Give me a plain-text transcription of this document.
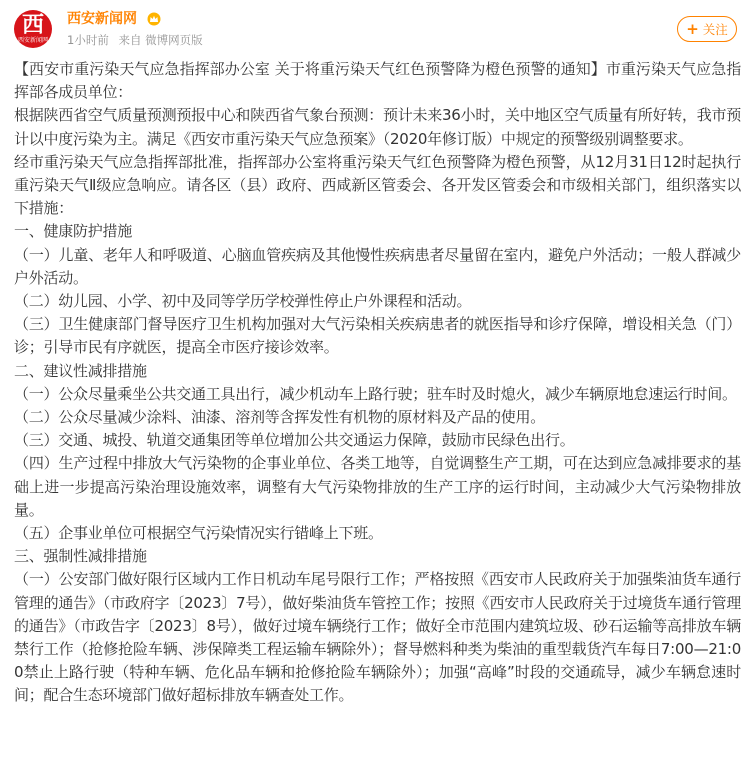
西
西安新闻网
西安新闻网
1小时前 来自 微博网页版
+ 关注

【西安市重污染天气应急指挥部办公室 关于将重污染天气红色预警降为橙色预警的通知】市重污染天气应急指挥部各成员单位：

根据陕西省空气质量预测预报中心和陕西省气象台预测：预计未来36小时，关中地区空气质量有所好转，我市预计以中度污染为主。满足《西安市重污染天气应急预案》（2020年修订版）中规定的预警级别调整要求。

经市重污染天气应急指挥部批准，指挥部办公室将重污染天气红色预警降为橙色预警，从12月31日12时起执行重污染天气Ⅱ级应急响应。请各区（县）政府、西咸新区管委会、各开发区管委会和市级相关部门，组织落实以下措施：

一、健康防护措施

（一）儿童、老年人和呼吸道、心脑血管疾病及其他慢性疾病患者尽量留在室内，避免户外活动；一般人群减少户外活动。

（二）幼儿园、小学、初中及同等学历学校弹性停止户外课程和活动。

（三）卫生健康部门督导医疗卫生机构加强对大气污染相关疾病患者的就医指导和诊疗保障，增设相关急（门）诊；引导市民有序就医，提高全市医疗接诊效率。

二、建议性减排措施

（一）公众尽量乘坐公共交通工具出行，减少机动车上路行驶；驻车时及时熄火，减少车辆原地怠速运行时间。

（二）公众尽量减少涂料、油漆、溶剂等含挥发性有机物的原材料及产品的使用。

（三）交通、城投、轨道交通集团等单位增加公共交通运力保障，鼓励市民绿色出行。

（四）生产过程中排放大气污染物的企事业单位、各类工地等，自觉调整生产工期，可在达到应急减排要求的基础上进一步提高污染治理设施效率，调整有大气污染物排放的生产工序的运行时间，主动减少大气污染物排放量。

（五）企事业单位可根据空气污染情况实行错峰上下班。

三、强制性减排措施

（一）公安部门做好限行区域内工作日机动车尾号限行工作；严格按照《西安市人民政府关于加强柴油货车通行管理的通告》（市政府字〔2023〕7号），做好柴油货车管控工作；按照《西安市人民政府关于过境货车通行管理的通告》（市政告字〔2023〕8号），做好过境车辆绕行工作；做好全市范围内建筑垃圾、砂石运输等高排放车辆禁行工作（抢修抢险车辆、涉保障类工程运输车辆除外）；督导燃料种类为柴油的重型载货汽车每日7:00—21:00禁止上路行驶（特种车辆、危化品车辆和抢修抢险车辆除外）；加强“高峰”时段的交通疏导，减少车辆怠速时间；配合生态环境部门做好超标排放车辆查处工作。
